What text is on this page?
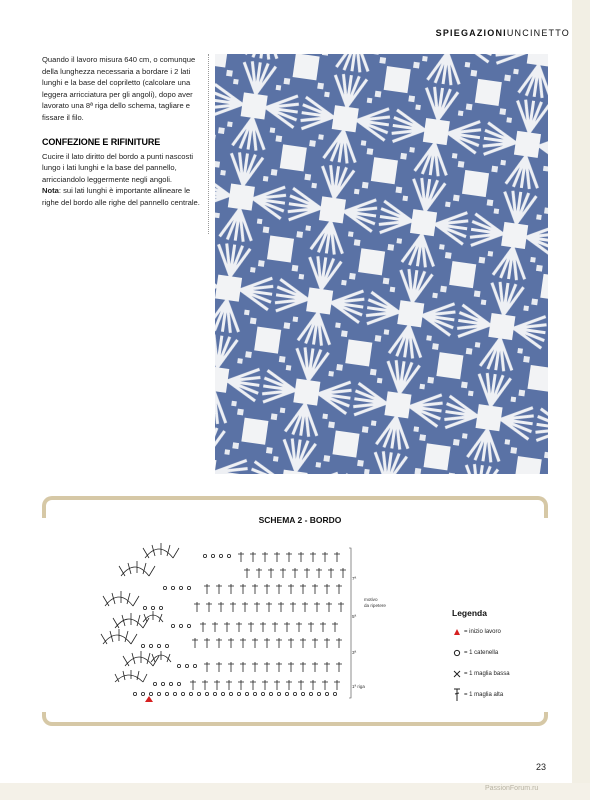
SPIEGAZIONIUNCINETTO

Quando il lavoro misura 640 cm, o comunque della lunghezza necessaria a bordare i 2 lati lunghi e la base del copriletto (calcolare una leggera arricciatura per gli angoli), dopo aver lavorato una 8ª riga dello schema, tagliare e fissare il filo.

CONFEZIONE E RIFINITURE

Cucire il lato diritto del bordo a punti nascosti lungo i lati lunghi e la base del pannello, arricciandolo leggermente negli angoli.

Nota: sui lati lunghi è importante allineare le righe del bordo alle righe del pannello centrale.

SCHEMA 2 - BORDO
motivo
da ripetere
7ª
5ª
3ª
1ª riga
Legenda
= inizio lavoro
= 1 catenella
= 1 maglia bassa
= 1 maglia alta
23
PassionForum.ru
